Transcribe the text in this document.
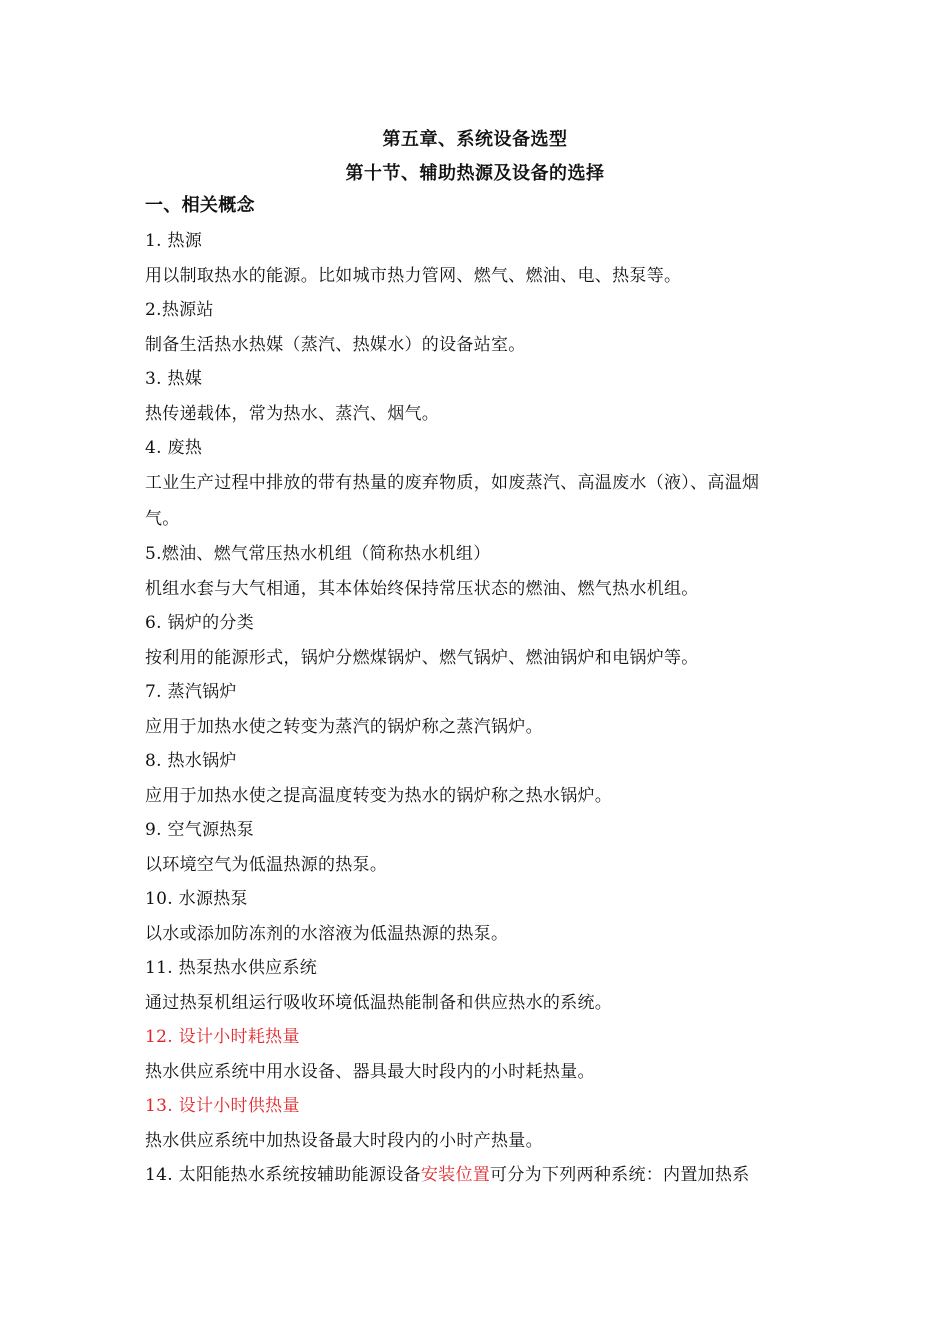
第五章、系统设备选型
第十节、辅助热源及设备的选择
一、相关概念
1. 热源
用以制取热水的能源。比如城市热力管网、燃气、燃油、电、热泵等。
2.热源站
制备生活热水热媒（蒸汽、热媒水）的设备站室。
3. 热媒
热传递载体，常为热水、蒸汽、烟气。
4. 废热
工业生产过程中排放的带有热量的废弃物质，如废蒸汽、高温废水（液）、高温烟
气。
5.燃油、燃气常压热水机组（简称热水机组）
机组水套与大气相通，其本体始终保持常压状态的燃油、燃气热水机组。
6. 锅炉的分类
按利用的能源形式，锅炉分燃煤锅炉、燃气锅炉、燃油锅炉和电锅炉等。
7. 蒸汽锅炉
应用于加热水使之转变为蒸汽的锅炉称之蒸汽锅炉。
8. 热水锅炉
应用于加热水使之提高温度转变为热水的锅炉称之热水锅炉。
9. 空气源热泵
以环境空气为低温热源的热泵。
10. 水源热泵
以水或添加防冻剂的水溶液为低温热源的热泵。
11. 热泵热水供应系统
通过热泵机组运行吸收环境低温热能制备和供应热水的系统。
12. 设计小时耗热量
热水供应系统中用水设备、器具最大时段内的小时耗热量。
13. 设计小时供热量
热水供应系统中加热设备最大时段内的小时产热量。
14. 太阳能热水系统按辅助能源设备安装位置可分为下列两种系统：内置加热系
